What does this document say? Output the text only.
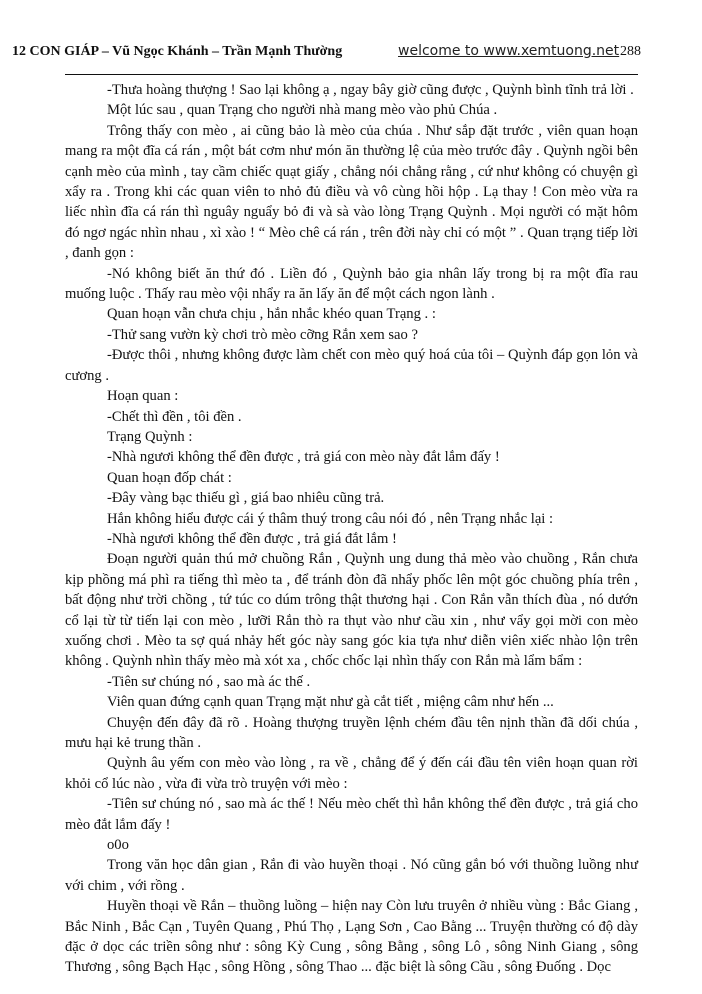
12 CON GIÁP – Vũ Ngọc Khánh – Trần Mạnh Thường	welcome to www.xemtuong.net 288

-Thưa hoàng thượng ! Sao lại không ạ , ngay bây giờ cũng được , Quỳnh bình tĩnh trả lời .

Một lúc sau , quan Trạng cho người nhà mang mèo vào phủ Chúa .

Trông thấy con mèo , ai cũng bảo là mèo của chúa . Như sắp đặt trước , viên quan hoạn mang ra một đĩa cá rán , một bát cơm như món ăn thường lệ của mèo trước đây . Quỳnh ngồi bên cạnh mèo của mình , tay cầm chiếc quạt giấy , chẳng nói chẳng rằng , cứ như không có chuyện gì xẩy ra . Trong khi các quan viên to nhỏ đủ điều và vô cùng hồi hộp . Lạ thay ! Con mèo vừa ra liếc nhìn đĩa cá rán thì nguây nguẩy bỏ đi và sà vào lòng Trạng Quỳnh . Mọi người có mặt hôm đó ngơ ngác nhìn nhau , xì xào ! “ Mèo chê cá rán , trên đời này chỉ có một ” . Quan trạng tiếp lời , đanh gọn :

-Nó không biết ăn thứ đó . Liền đó , Quỳnh bảo gia nhân lấy trong bị ra một đĩa rau muống luộc . Thấy rau mèo vội nhẩy ra ăn lấy ăn để một cách ngon lành .

Quan hoạn vẫn chưa chịu , hắn nhắc khéo quan Trạng . :

-Thử sang vườn kỳ chơi trò mèo cỡng Rắn xem sao ?

-Được thôi , nhưng không được làm chết con mèo quý hoá của tôi – Quỳnh đáp gọn lỏn và cương .

Hoạn quan :

-Chết thì đền , tôi đền .

Trạng Quỳnh :

-Nhà ngươi không thể đền được , trả giá con mèo này đắt lắm đấy !

Quan hoạn đốp chát :

-Đây vàng bạc thiếu gì , giá bao nhiêu cũng trả.

Hắn không hiểu được cái ý thâm thuý trong câu nói đó , nên Trạng nhắc lại :

-Nhà ngươi không thể đền được , trả giá đắt lắm !

Đoạn người quản thú mở chuồng Rắn , Quỳnh ung dung thả mèo vào chuồng , Rắn chưa kịp phồng má phì ra tiếng thì mèo ta , để tránh đòn đã nhẩy phốc lên một góc chuồng phía trên , bất động như trời chồng , tứ túc co dúm trông thật thương hại . Con Rắn vẫn thích đùa , nó dướn cổ lại từ từ tiến lại con mèo , lưỡi Rắn thò ra thụt vào như cầu xin , như vẩy gọi mời con mèo xuống chơi . Mèo ta sợ quá nhảy hết góc này sang góc kia tựa như diễn viên xiếc nhào lộn trên không . Quỳnh nhìn thấy mèo mà xót xa , chốc chốc lại nhìn thấy con Rắn mà lẩm bẩm :

-Tiên sư chúng nó , sao mà ác thế .

Viên quan đứng cạnh quan Trạng mặt như gà cắt tiết , miệng câm như hến ...

Chuyện đến đây đã rõ . Hoàng thượng truyền lệnh chém đầu tên nịnh thần đã dối chúa , mưu hại kẻ trung thần .

Quỳnh âu yếm con mèo vào lòng , ra về , chẳng để ý đến cái đầu tên viên hoạn quan rời khỏi cổ lúc nào , vừa đi vừa trò truyện với mèo :

-Tiên sư chúng nó , sao mà ác thế ! Nếu mèo chết thì hắn không thể đền được , trả giá cho mèo đắt lắm đấy !

o0o

Trong văn học dân gian , Rắn đi vào huyền thoại . Nó cũng gắn bó với thuồng luồng như với chim , với rồng .

Huyền thoại về Rắn – thuồng luồng – hiện nay Còn lưu truyên ở nhiều vùng : Bắc Giang , Bắc Ninh , Bắc Cạn , Tuyên Quang , Phú Thọ , Lạng Sơn , Cao Bằng ... Truyện thường có độ dày đặc ở dọc các triền sông như : sông Kỳ Cung , sông Bằng , sông Lô , sông Ninh Giang , sông Thương , sông Bạch Hạc , sông Hồng , sông Thao ... đặc biệt là sông Cầu , sông Đuống . Dọc
